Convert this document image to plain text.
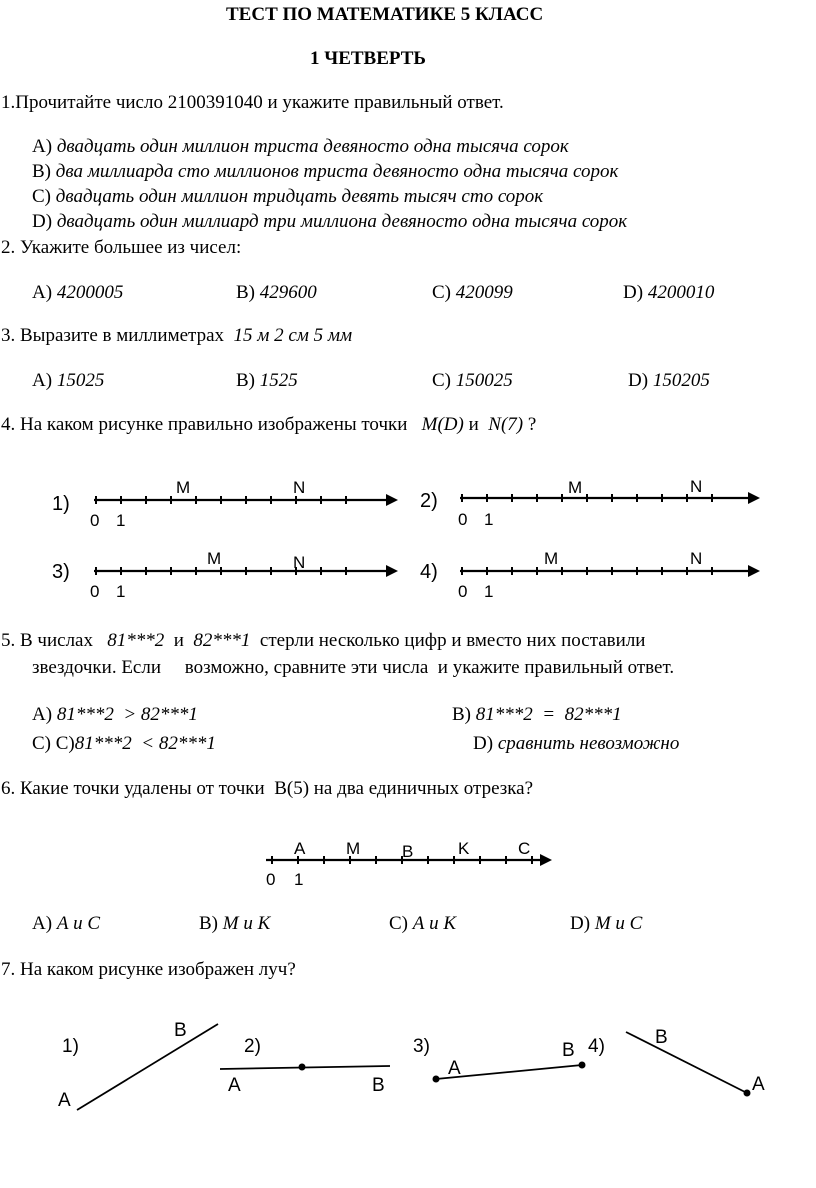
ТЕСТ ПО МАТЕМАТИКЕ 5 КЛАСС
1 ЧЕТВЕРТЬ
1.Прочитайте число 2100391040 и укажите правильный ответ.
A) двадцать один миллион триста девяносто одна тысяча сорок
B) два миллиарда сто миллионов триста девяносто одна тысяча сорок
C) двадцать один миллион тридцать девять тысяч сто сорок
D) двадцать один миллиард три миллиона девяносто одна тысяча сорок
2. Укажите большее из чисел:
A) 4200005	B) 429600	C) 420099	D) 4200010
3. Выразите в миллиметрах 15 м 2 см 5 мм
A) 15025	B) 1525	C) 150025	D) 150205
4. На каком рисунке правильно изображены точки M(D) и N(7) ?
1)
0 1
M	N
2)
0 1
M	N
3)
0 1
M	N	4)
0 1
M	N
5. В числах 81***2 и 82***1 стерли несколько цифр и вместо них поставили
звездочки. Если     возможно, сравните эти числа  и укажите правильный ответ.
A) 81***2  > 82***1	B) 81***2  =  82***1
C) С)81***2  < 82***1	D) сравнить невозможно
6. Какие точки удалены от точки  В(5) на два единичных отрезка?
0 1
A M B	K	C
A) А и С	B) М и К	C) А и К	D) М и С
7. На каком рисунке изображен луч?
1)
A
B
2)
A	B
3)
A
B 4)	B
A
